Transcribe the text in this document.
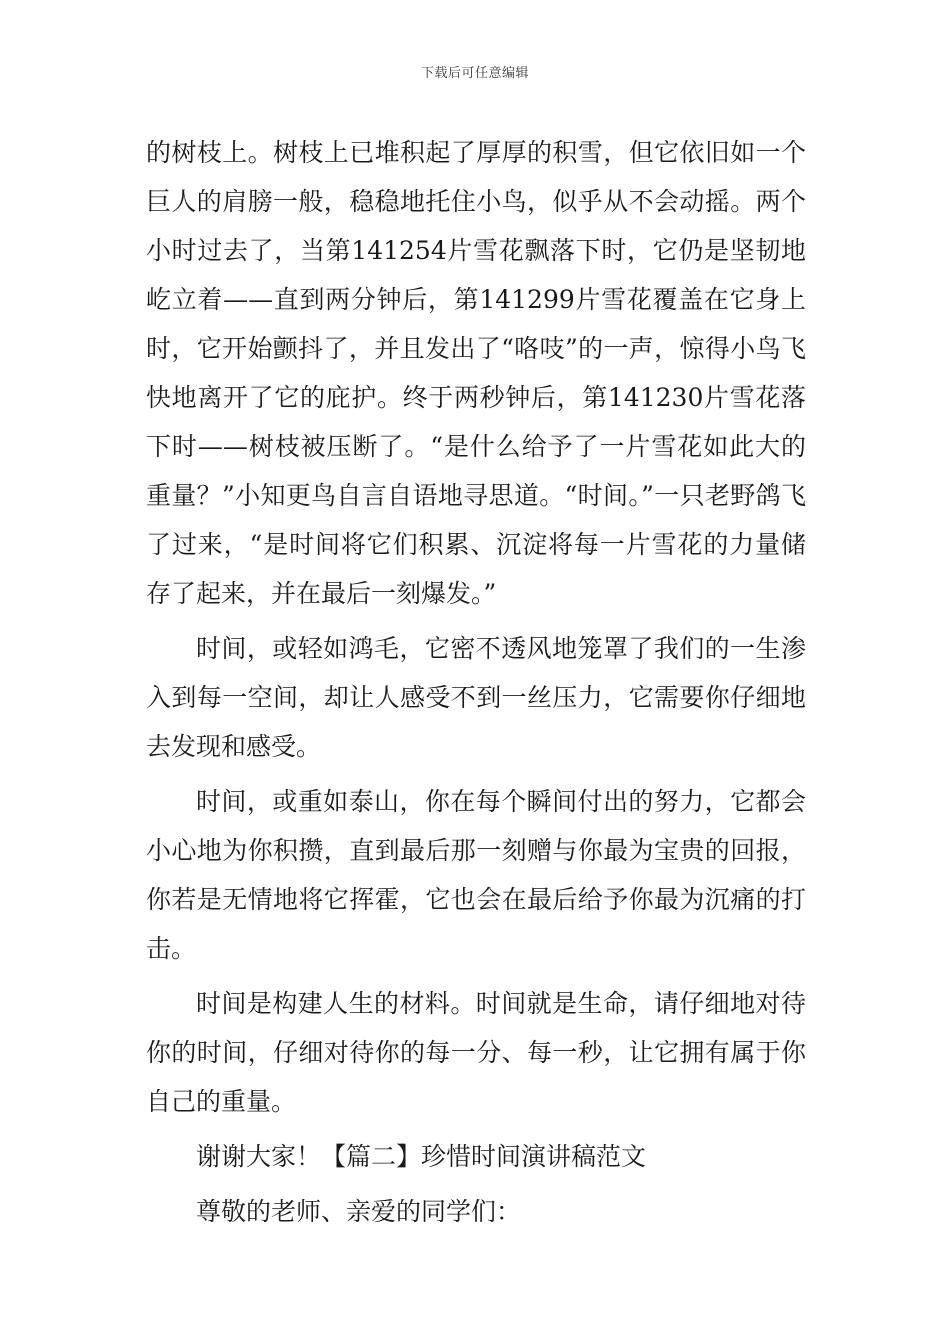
下载后可任意编辑

的树枝上。树枝上已堆积起了厚厚的积雪，但它依旧如一个巨人的肩膀一般，稳稳地托住小鸟，似乎从不会动摇。两个小时过去了，当第141254片雪花飘落下时，它仍是坚韧地屹立着——直到两分钟后，第141299片雪花覆盖在它身上时，它开始颤抖了，并且发出了“咯吱”的一声，惊得小鸟飞快地离开了它的庇护。终于两秒钟后，第141230片雪花落下时——树枝被压断了。“是什么给予了一片雪花如此大的重量？”小知更鸟自言自语地寻思道。“时间。”一只老野鸽飞了过来，“是时间将它们积累、沉淀将每一片雪花的力量储存了起来，并在最后一刻爆发。”

时间，或轻如鸿毛，它密不透风地笼罩了我们的一生渗入到每一空间，却让人感受不到一丝压力，它需要你仔细地去发现和感受。

时间，或重如泰山，你在每个瞬间付出的努力，它都会小心地为你积攒，直到最后那一刻赠与你最为宝贵的回报，你若是无情地将它挥霍，它也会在最后给予你最为沉痛的打击。

时间是构建人生的材料。时间就是生命，请仔细地对待你的时间，仔细对待你的每一分、每一秒，让它拥有属于你自己的重量。

谢谢大家！【篇二】珍惜时间演讲稿范文

尊敬的老师、亲爱的同学们：
